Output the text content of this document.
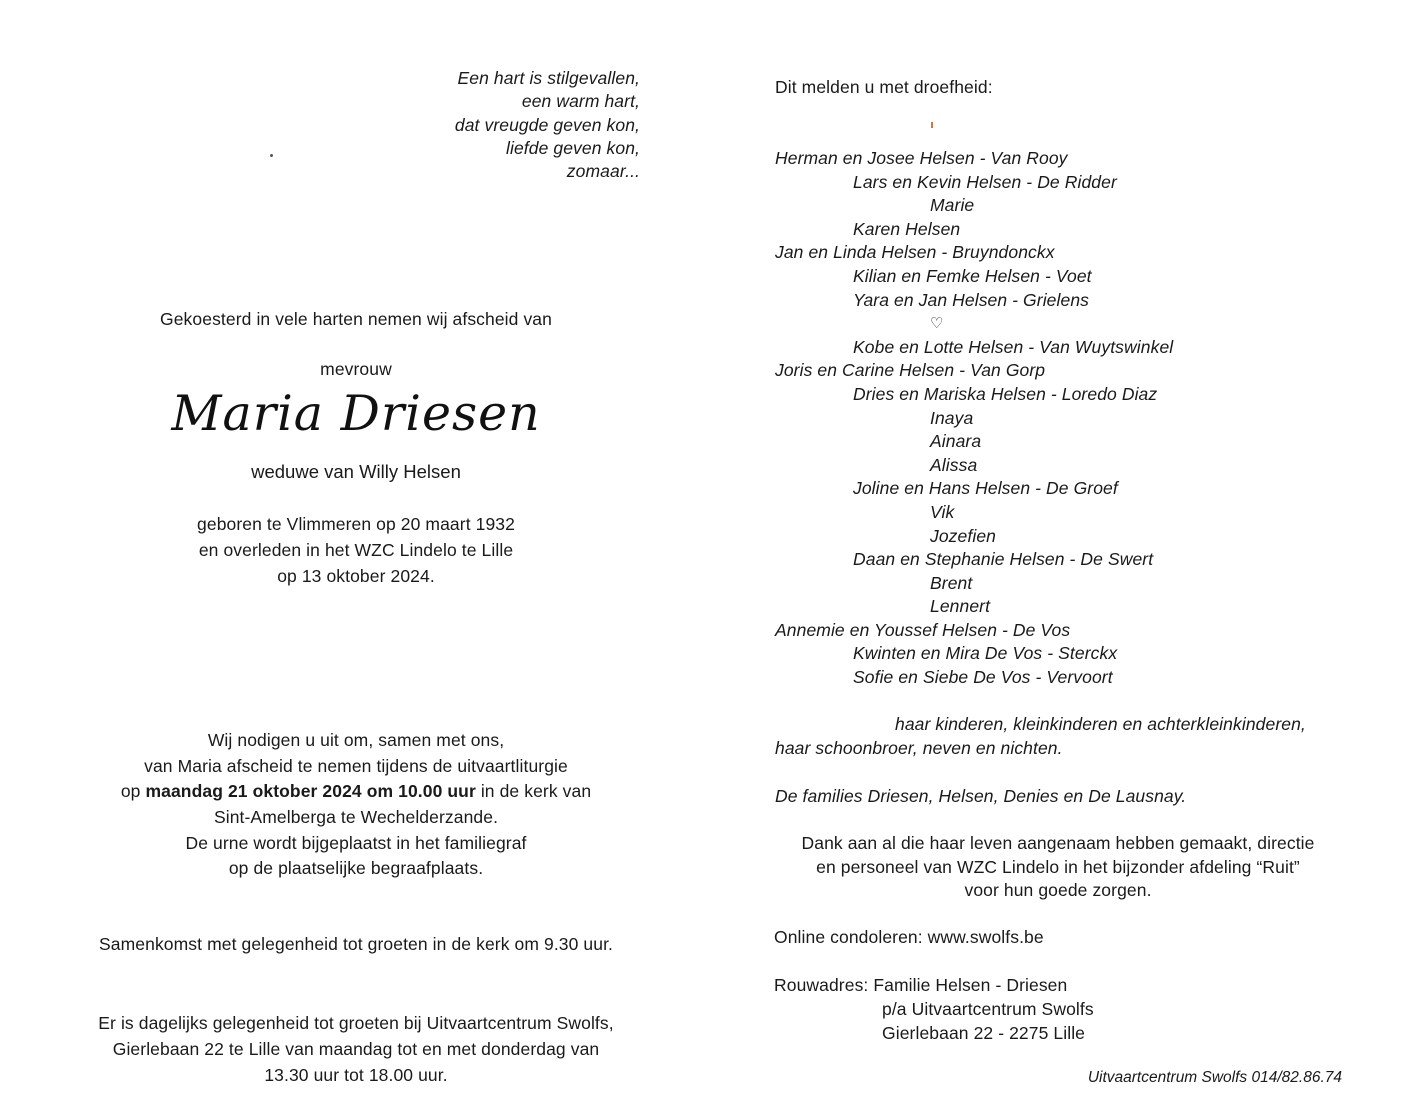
Een hart is stilgevallen,
een warm hart,
dat vreugde geven kon,
liefde geven kon,
zomaar...
Gekoesterd in vele harten nemen wij afscheid van
mevrouw
Maria Driesen
weduwe van Willy Helsen
geboren te Vlimmeren op 20 maart 1932
en overleden in het WZC Lindelo te Lille
op 13 oktober 2024.
Wij nodigen u uit om, samen met ons,
van Maria afscheid te nemen tijdens de uitvaartliturgie
op maandag 21 oktober 2024 om 10.00 uur in de kerk van
Sint-Amelberga te Wechelderzande.
De urne wordt bijgeplaatst in het familiegraf
op de plaatselijke begraafplaats.
Samenkomst met gelegenheid tot groeten in de kerk om 9.30 uur.
Er is dagelijks gelegenheid tot groeten bij Uitvaartcentrum Swolfs,
Gierlebaan 22 te Lille van maandag tot en met donderdag van
13.30 uur tot 18.00 uur.
Dit melden u met droefheid:
Herman en Josee Helsen - Van Rooy
Lars en Kevin Helsen - De Ridder
Marie
Karen Helsen
Jan en Linda Helsen - Bruyndonckx
Kilian en Femke Helsen - Voet
Yara en Jan Helsen - Grielens
♡
Kobe en Lotte Helsen - Van Wuytswinkel
Joris en Carine Helsen - Van Gorp
Dries en Mariska Helsen - Loredo Diaz
Inaya
Ainara
Alissa
Joline en Hans Helsen - De Groef
Vik
Jozefien
Daan en Stephanie Helsen - De Swert
Brent
Lennert
Annemie en Youssef Helsen - De Vos
Kwinten en Mira De Vos - Sterckx
Sofie en Siebe De Vos - Vervoort
haar kinderen, kleinkinderen en achterkleinkinderen,
haar schoonbroer, neven en nichten.
De families Driesen, Helsen, Denies en De Lausnay.
Dank aan al die haar leven aangenaam hebben gemaakt, directie
en personeel van WZC Lindelo in het bijzonder afdeling “Ruit”
voor hun goede zorgen.
Online condoleren: www.swolfs.be
Rouwadres: Familie Helsen - Driesen
p/a Uitvaartcentrum Swolfs
Gierlebaan 22 - 2275 Lille
Uitvaartcentrum Swolfs 014/82.86.74
